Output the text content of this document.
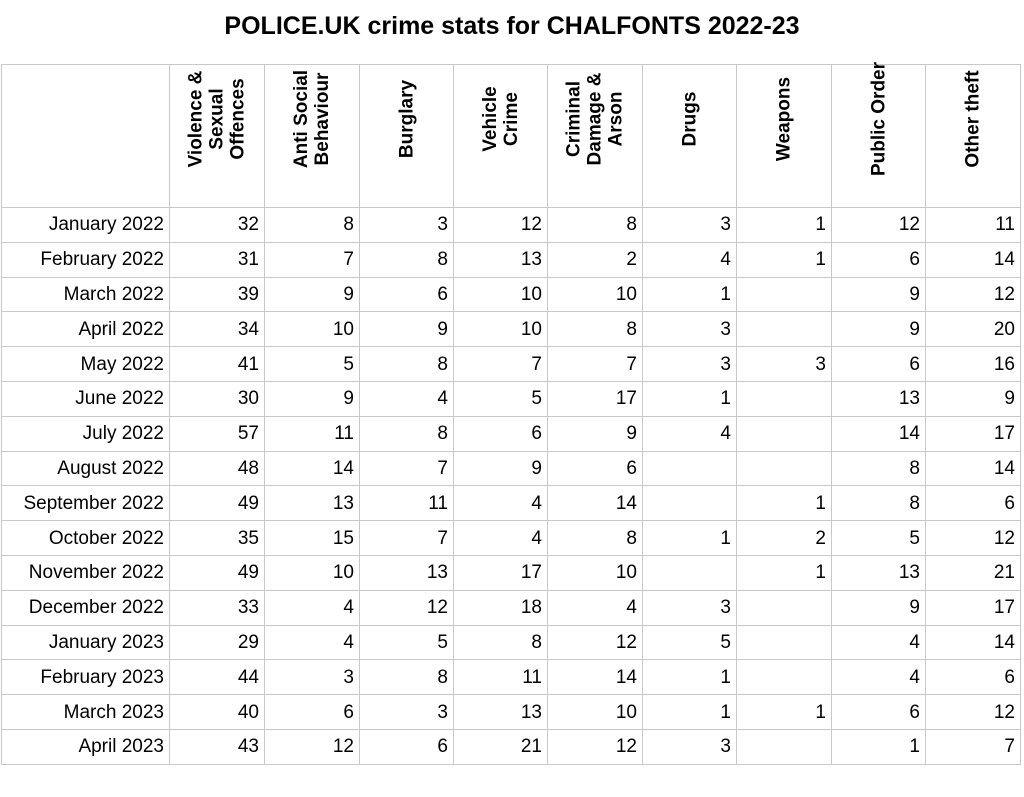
POLICE.UK crime stats for CHALFONTS 2022-23

	Violence &
Sexual
Offences	Anti Social
Behaviour	Burglary	Vehicle
Crime	Criminal
Damage &
Arson	Drugs	Weapons	Public Order	Other theft

January 2022	32	8	3	12	8	3	1	12	11
February 2022	31	7	8	13	2	4	1	6	14
March 2022	39	9	6	10	10	1		9	12
April 2022	34	10	9	10	8	3		9	20
May 2022	41	5	8	7	7	3	3	6	16
June 2022	30	9	4	5	17	1		13	9
July 2022	57	11	8	6	9	4		14	17
August 2022	48	14	7	9	6			8	14
September 2022	49	13	11	4	14		1	8	6
October 2022	35	15	7	4	8	1	2	5	12
November 2022	49	10	13	17	10		1	13	21
December 2022	33	4	12	18	4	3		9	17
January 2023	29	4	5	8	12	5		4	14
February 2023	44	3	8	11	14	1		4	6
March 2023	40	6	3	13	10	1	1	6	12
April 2023	43	12	6	21	12	3		1	7
